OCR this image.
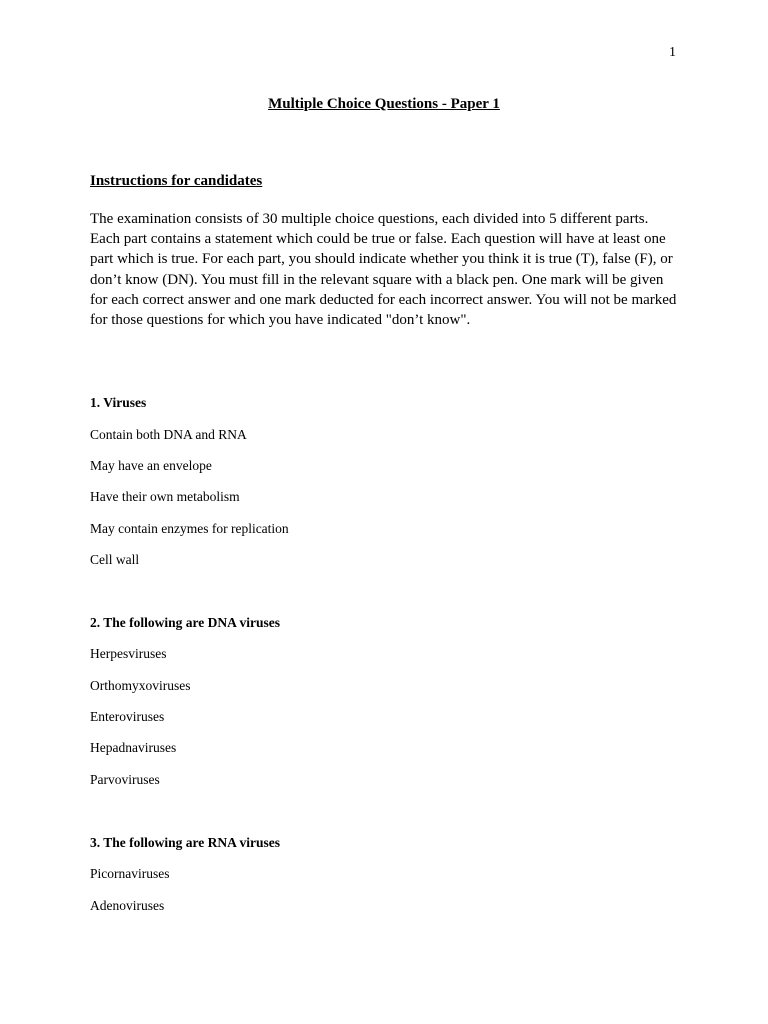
1
Multiple Choice Questions - Paper 1
Instructions for candidates
The examination consists of 30 multiple choice questions, each divided into 5 different parts. Each part contains a statement which could be true or false. Each question will have at least one part which is true. For each part, you should indicate whether you think it is true (T), false (F), or don’t know (DN). You must fill in the relevant square with a black pen. One mark will be given for each correct answer and one mark deducted for each incorrect answer. You will not be marked for those questions for which you have indicated "don’t know".
1. Viruses
Contain both DNA and RNA
May have an envelope
Have their own metabolism
May contain enzymes for replication
Cell wall
2. The following are DNA viruses
Herpesviruses
Orthomyxoviruses
Enteroviruses
Hepadnaviruses
Parvoviruses
3. The following are RNA viruses
Picornaviruses
Adenoviruses
